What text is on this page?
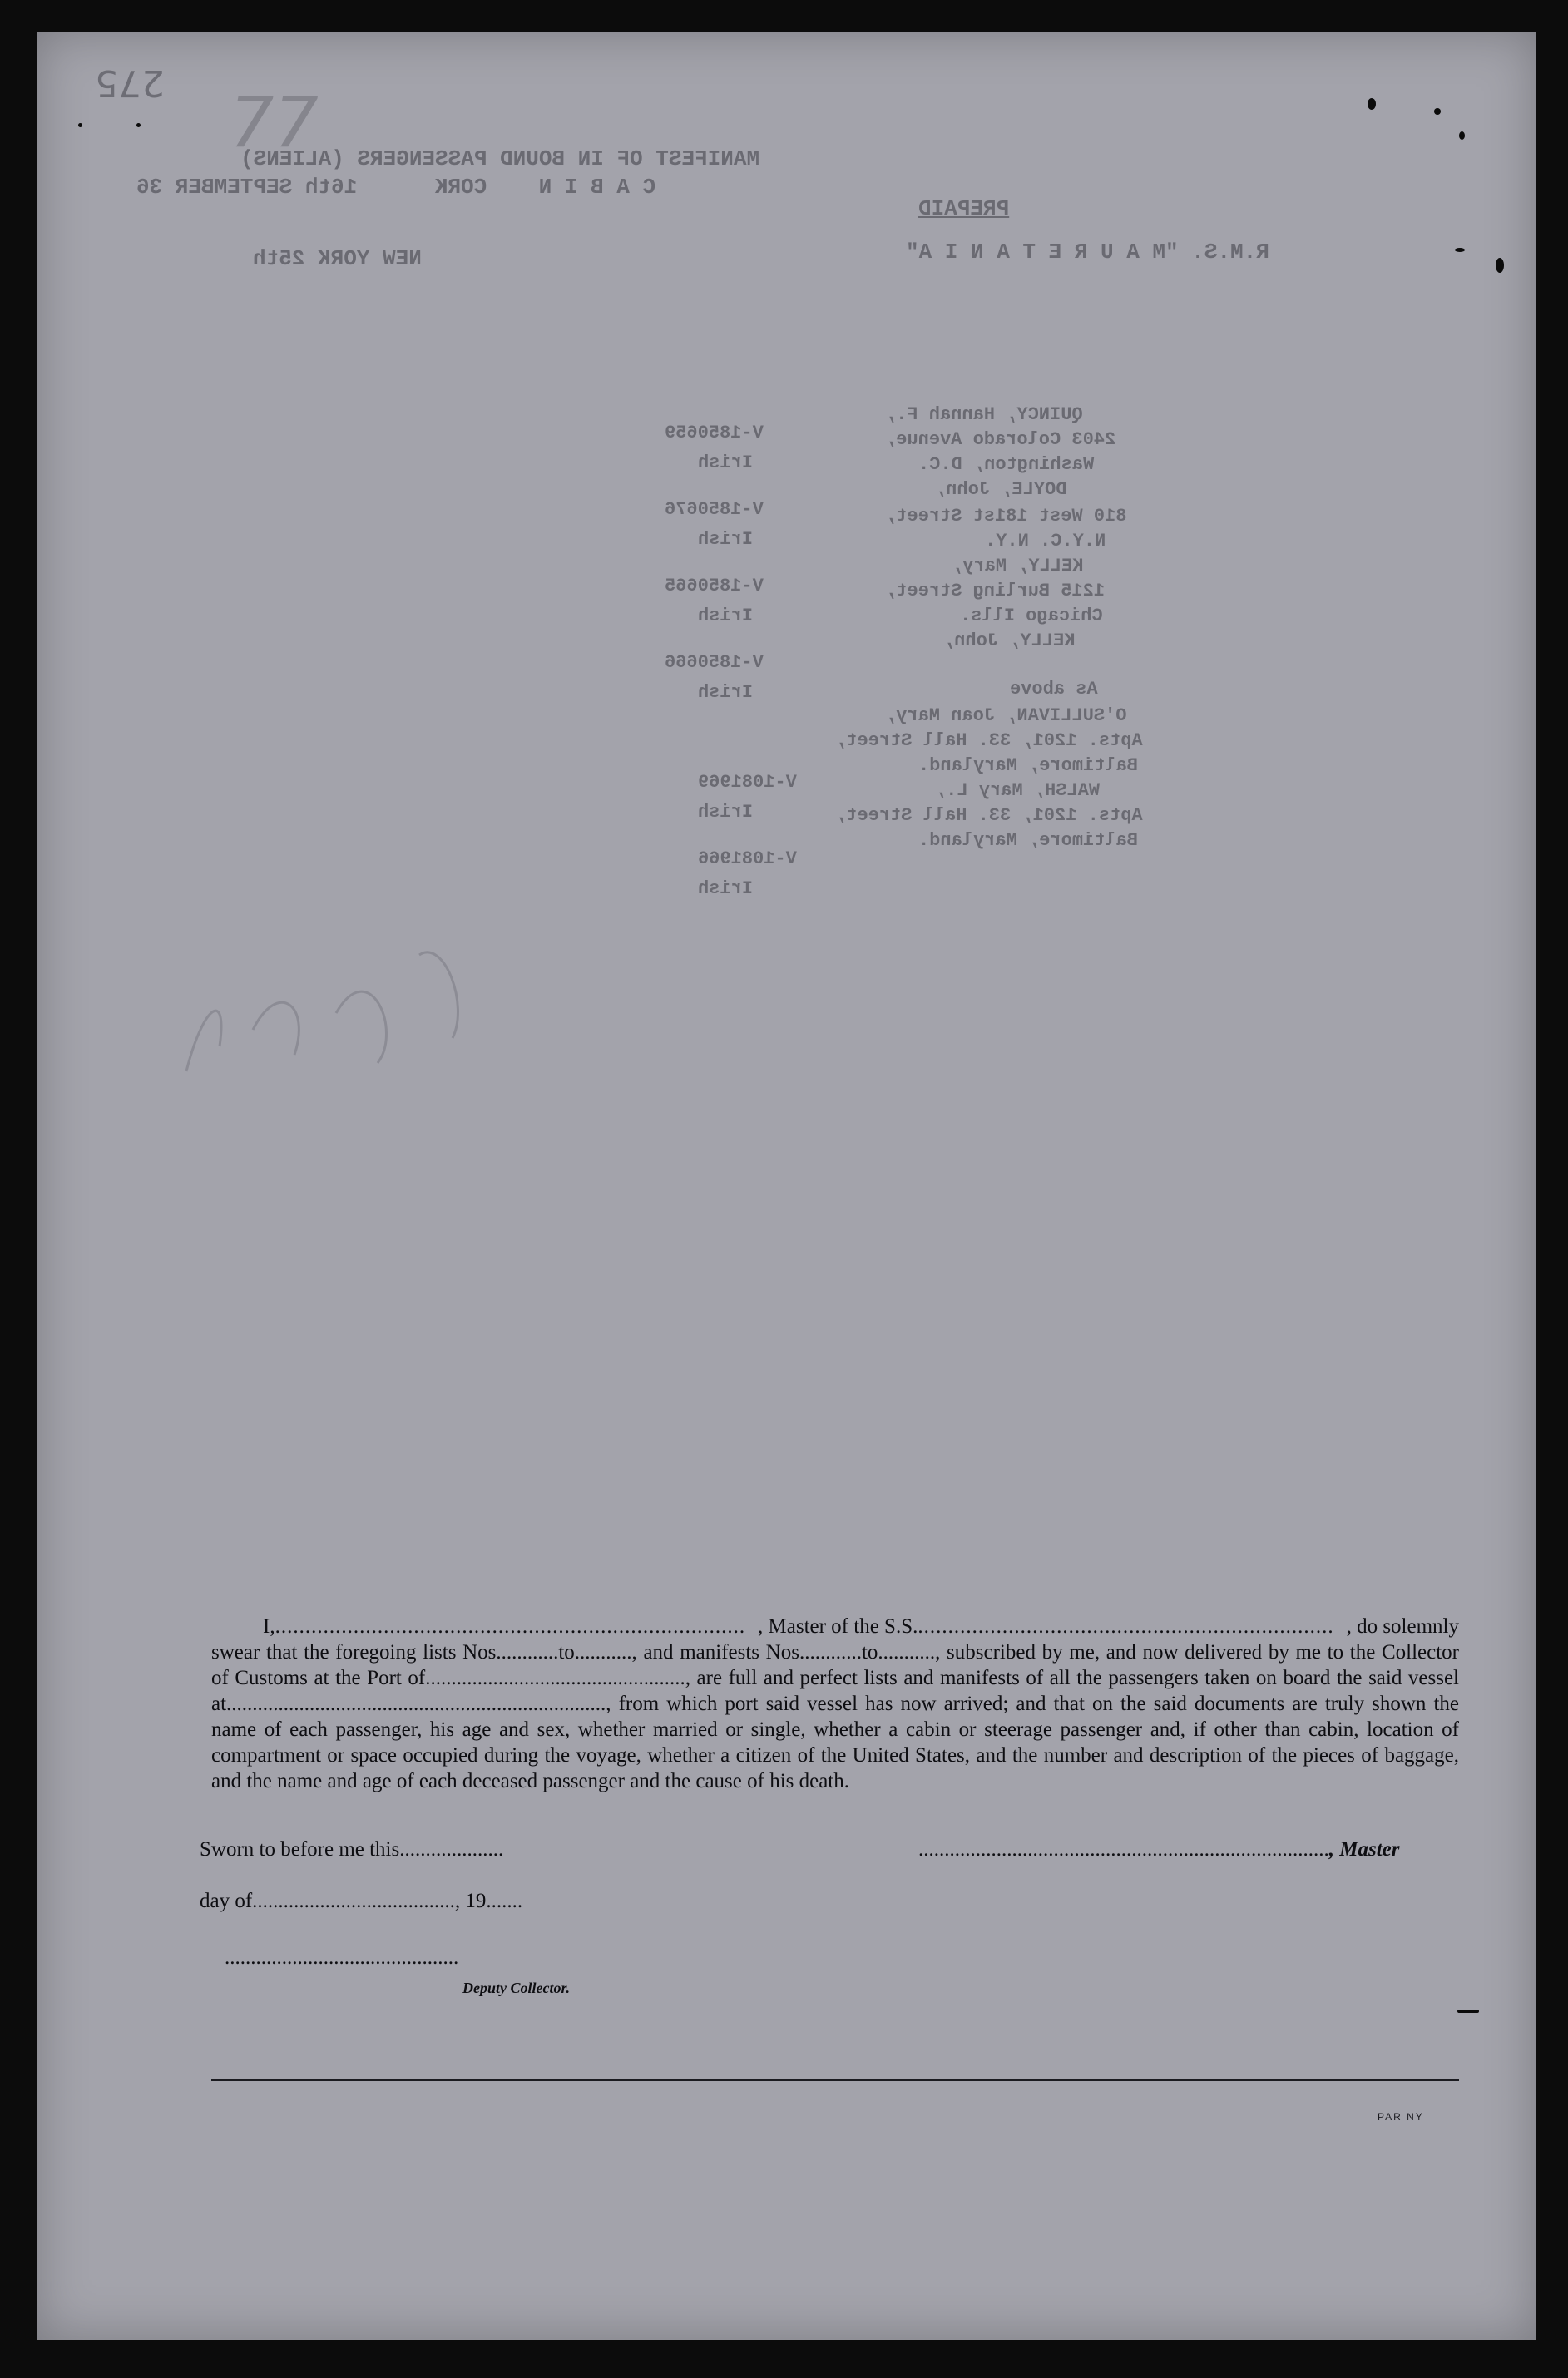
275 77
MANIFEST OF IN BOUND PASSENGERS (ALIENS)
C A B I N    CORK      16th SEPTEMBER 36
NEW YORK 25th
PREPAID
R.M.S. "M A U R E T A N I A"
QUINCY, Hannah F.,
2403 Colorado Avenue,
Washington, D.C.
DOYLE, John,
810 West 181st Street,
N.Y.C. N.Y.
KELLY, Mary,
1215 Burling Street,
Chicago Ills.
KELLY, John,
As above
O'SULLIVAN, Joan Mary,
Apts. 1201, 33. Hall Street,
Baltimore, Maryland.
WALSH, Mary L.,
Apts. 1201, 33. Hall Street,
Baltimore, Maryland.
V-1850659
Irish
V-1850676
Irish
V-1850665
Irish
V-1850666
Irish
V-1081969
Irish
V-1081966
Irish
I,.............................................................................. , Master of the S.S...................................................................... , do solemnly

swear that the foregoing lists Nos............to..........., and manifests Nos............to..........., subscribed by me, and now delivered by me to the Collector of Customs at the Port of.................................................., are full and perfect lists and manifests of all the passengers taken on board the said vessel at........................................................................., from which port said vessel has now arrived; and that on the said documents are truly shown the name of each passenger, his age and sex, whether married or single, whether a cabin or steerage passenger and, if other than cabin, location of compartment or space occupied during the voyage, whether a citizen of the United States, and the number and description of the pieces of baggage, and the name and age of each deceased passenger and the cause of his death.

Sworn to before me this....................	..............................................................................., Master
day of......................................., 19.......
.............................................
Deputy Collector.
PAR NY
